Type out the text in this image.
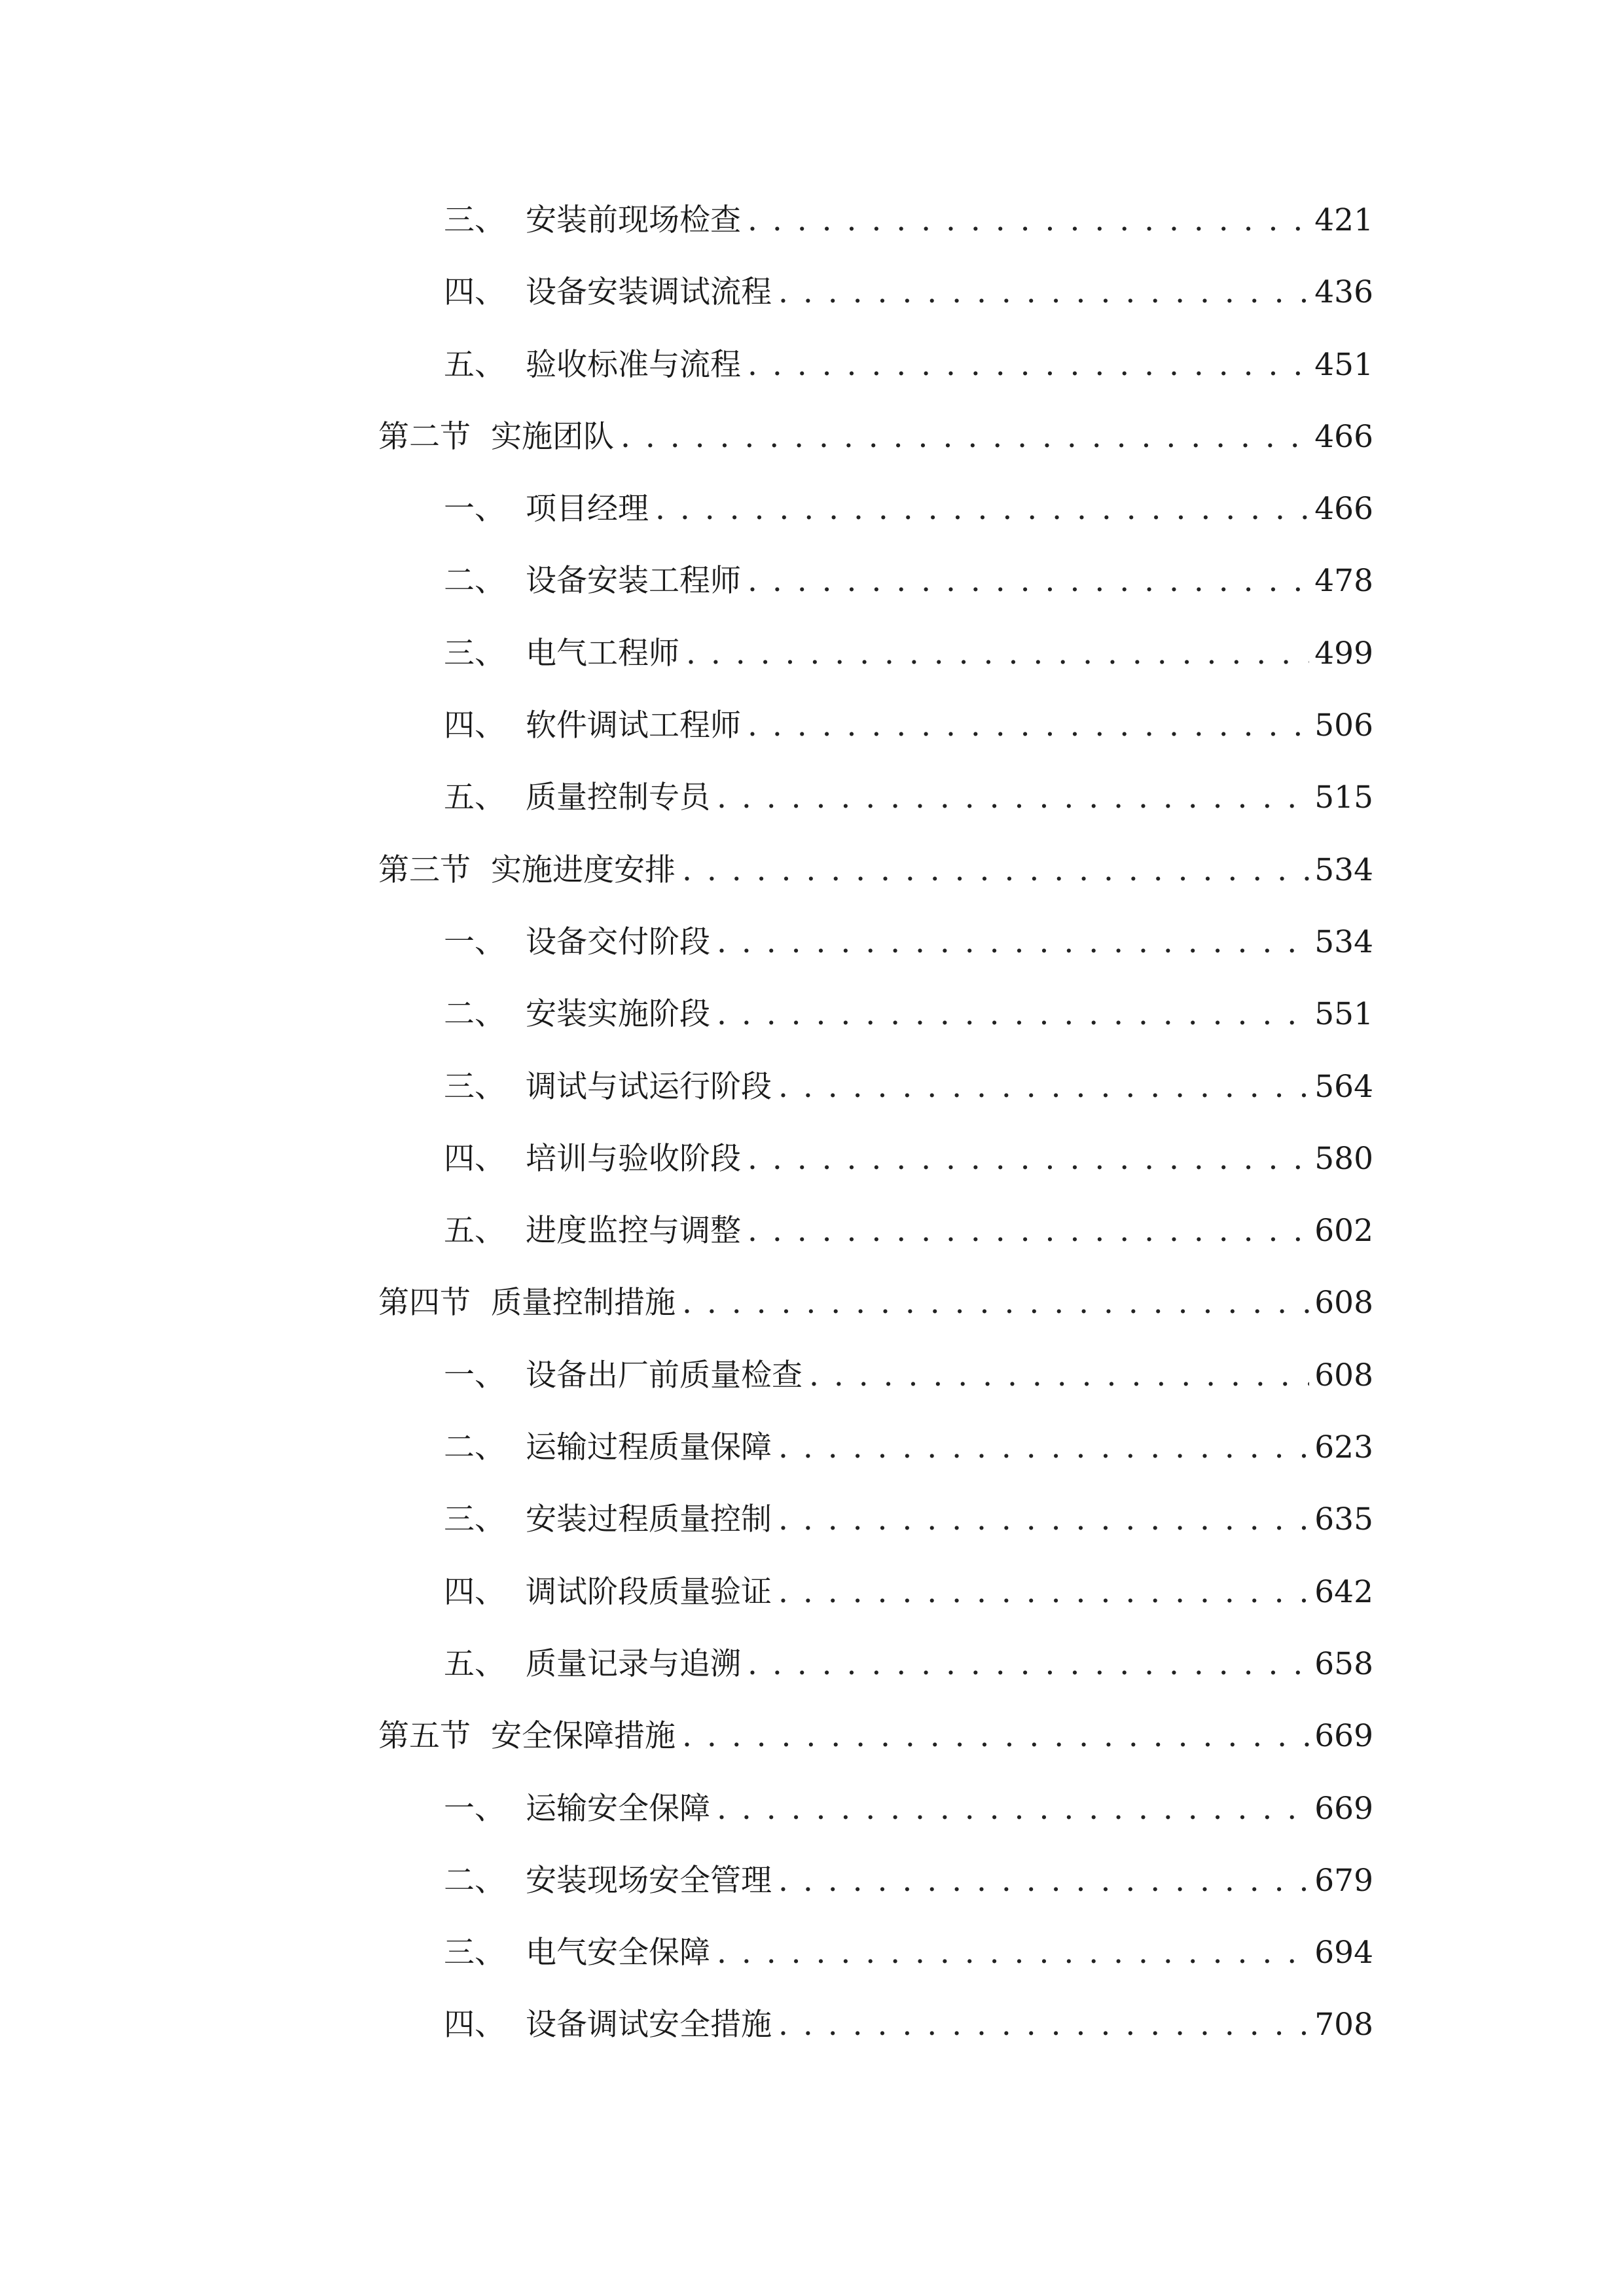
三、 安装前现场检查 . . .	421
四、 设备安装调试流程 . . .	436
五、 验收标准与流程 . . .	451
第二节 实施团队 . . .	466
一、 项目经理 . . .	466
二、 设备安装工程师 . . .	478
三、 电气工程师 . . .	499
四、 软件调试工程师 . . .	506
五、 质量控制专员 . . .	515
第三节 实施进度安排 . . .	534
一、 设备交付阶段 . . .	534
二、 安装实施阶段 . . .	551
三、 调试与试运行阶段 . . .	564
四、 培训与验收阶段 . . .	580
五、 进度监控与调整 . . .	602
第四节 质量控制措施 . . .	608
一、 设备出厂前质量检查 . . .	608
二、 运输过程质量保障 . . .	623
三、 安装过程质量控制 . . .	635
四、 调试阶段质量验证 . . .	642
五、 质量记录与追溯 . . .	658
第五节 安全保障措施 . . .	669
一、 运输安全保障 . . .	669
二、 安装现场安全管理 . . .	679
三、 电气安全保障 . . .	694
四、 设备调试安全措施 . . .	708
